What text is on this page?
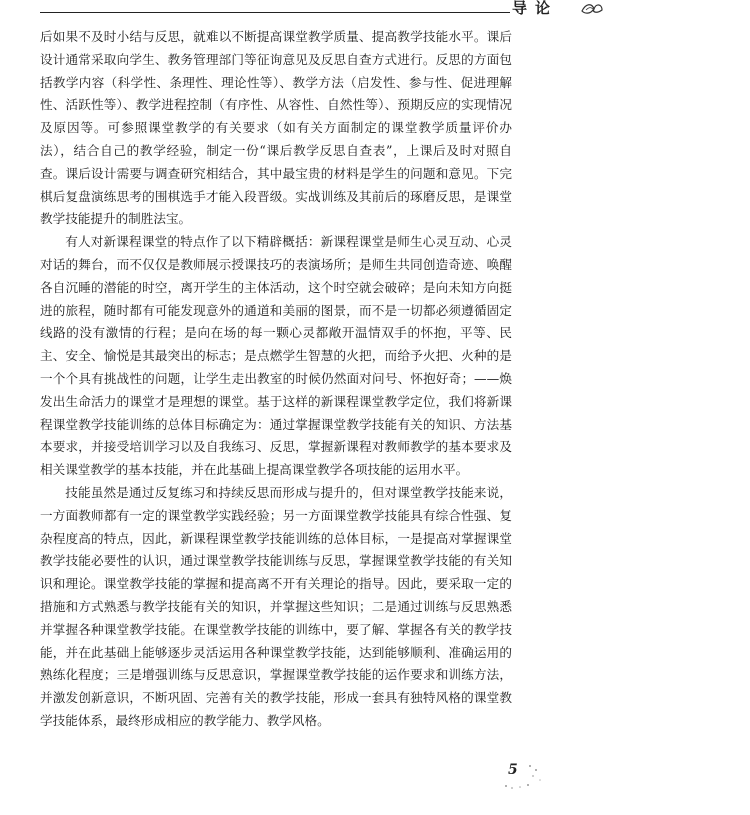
导论

后如果不及时小结与反思，就难以不断提高课堂教学质量、提高教学技能水平。课后设计通常采取向学生、教务管理部门等征询意见及反思自查方式进行。反思的方面包括教学内容（科学性、条理性、理论性等）、教学方法（启发性、参与性、促进理解性、活跃性等）、教学进程控制（有序性、从容性、自然性等）、预期反应的实现情况及原因等。可参照课堂教学的有关要求（如有关方面制定的课堂教学质量评价办法），结合自己的教学经验，制定一份“课后教学反思自查表”，上课后及时对照自查。课后设计需要与调查研究相结合，其中最宝贵的材料是学生的问题和意见。下完棋后复盘演练思考的围棋选手才能入段晋级。实战训练及其前后的琢磨反思，是课堂教学技能提升的制胜法宝。

有人对新课程课堂的特点作了以下精辟概括：新课程课堂是师生心灵互动、心灵对话的舞台，而不仅仅是教师展示授课技巧的表演场所；是师生共同创造奇迹、唤醒各自沉睡的潜能的时空，离开学生的主体活动，这个时空就会破碎；是向未知方向挺进的旅程，随时都有可能发现意外的通道和美丽的图景，而不是一切都必须遵循固定线路的没有激情的行程；是向在场的每一颗心灵都敞开温情双手的怀抱，平等、民主、安全、愉悦是其最突出的标志；是点燃学生智慧的火把，而给予火把、火种的是一个个具有挑战性的问题，让学生走出教室的时候仍然面对问号、怀抱好奇；——焕发出生命活力的课堂才是理想的课堂。基于这样的新课程课堂教学定位，我们将新课程课堂教学技能训练的总体目标确定为：通过掌握课堂教学技能有关的知识、方法基本要求，并接受培训学习以及自我练习、反思，掌握新课程对教师教学的基本要求及相关课堂教学的基本技能，并在此基础上提高课堂教学各项技能的运用水平。

技能虽然是通过反复练习和持续反思而形成与提升的，但对课堂教学技能来说，一方面教师都有一定的课堂教学实践经验；另一方面课堂教学技能具有综合性强、复杂程度高的特点，因此，新课程课堂教学技能训练的总体目标，一是提高对掌握课堂教学技能必要性的认识，通过课堂教学技能训练与反思，掌握课堂教学技能的有关知识和理论。课堂教学技能的掌握和提高离不开有关理论的指导。因此，要采取一定的措施和方式熟悉与教学技能有关的知识，并掌握这些知识；二是通过训练与反思熟悉并掌握各种课堂教学技能。在课堂教学技能的训练中，要了解、掌握各有关的教学技能，并在此基础上能够逐步灵活运用各种课堂教学技能，达到能够顺利、准确运用的熟练化程度；三是增强训练与反思意识，掌握课堂教学技能的运作要求和训练方法，并激发创新意识，不断巩固、完善有关的教学技能，形成一套具有独特风格的课堂教学技能体系，最终形成相应的教学能力、教学风格。

5
